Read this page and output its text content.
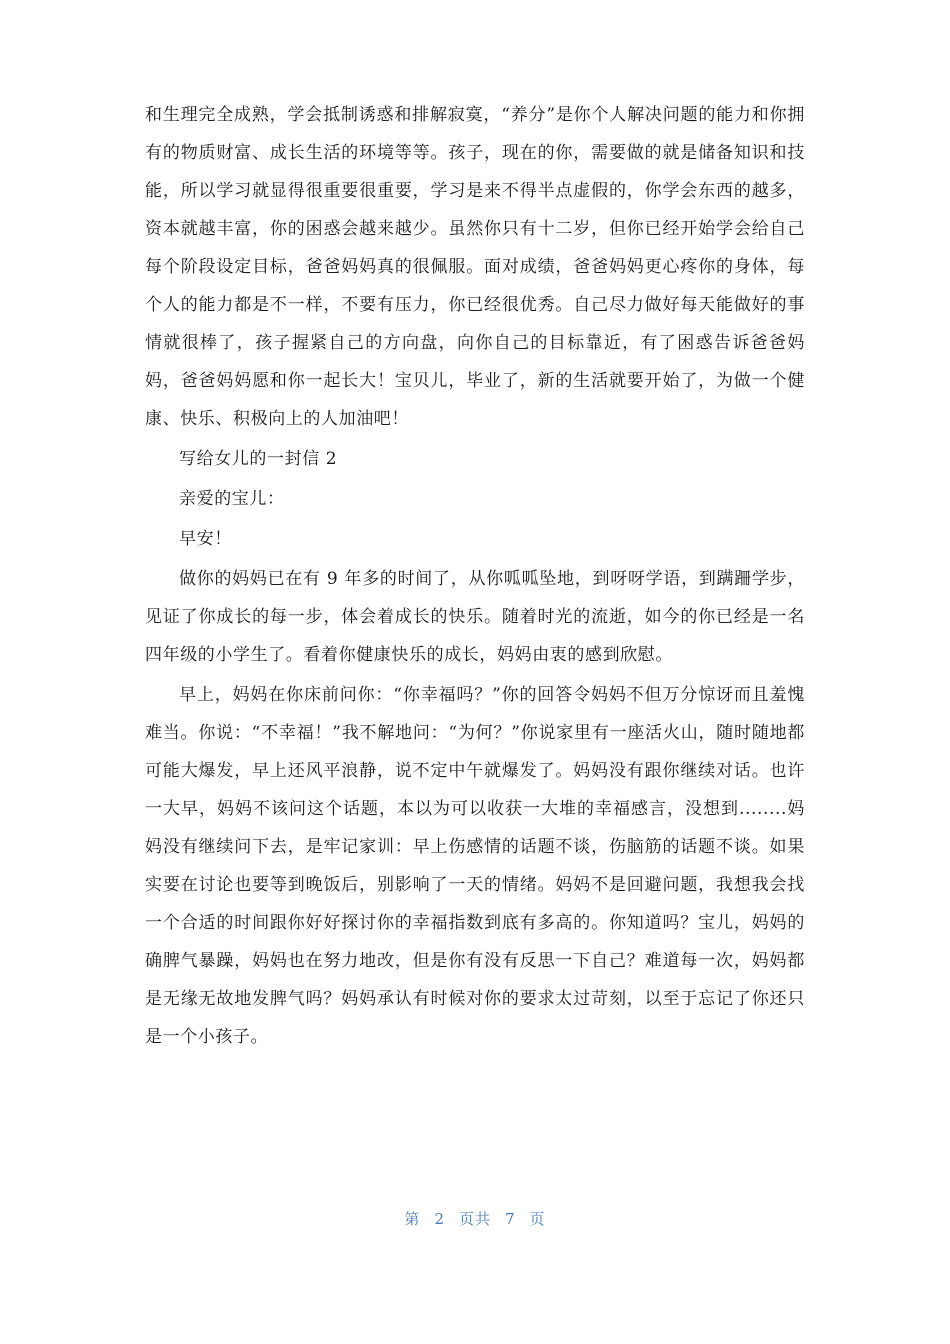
和生理完全成熟，学会抵制诱惑和排解寂寞，“养分”是你个人解决问题的能力和你拥有的物质财富、成长生活的环境等等。孩子，现在的你，需要做的就是储备知识和技能，所以学习就显得很重要很重要，学习是来不得半点虚假的，你学会东西的越多，资本就越丰富，你的困惑会越来越少。虽然你只有十二岁，但你已经开始学会给自己每个阶段设定目标，爸爸妈妈真的很佩服。面对成绩，爸爸妈妈更心疼你的身体，每个人的能力都是不一样，不要有压力，你已经很优秀。自己尽力做好每天能做好的事情就很棒了，孩子握紧自己的方向盘，向你自己的目标靠近，有了困惑告诉爸爸妈妈，爸爸妈妈愿和你一起长大！宝贝儿，毕业了，新的生活就要开始了，为做一个健康、快乐、积极向上的人加油吧！

写给女儿的一封信 2

亲爱的宝儿：

早安！

做你的妈妈已在有 9 年多的时间了，从你呱呱坠地，到呀呀学语，到蹒跚学步，见证了你成长的每一步，体会着成长的快乐。随着时光的流逝，如今的你已经是一名四年级的小学生了。看着你健康快乐的成长，妈妈由衷的感到欣慰。

早上，妈妈在你床前问你：“你幸福吗？”你的回答令妈妈不但万分惊讶而且羞愧难当。你说：“不幸福！”我不解地问：“为何？”你说家里有一座活火山，随时随地都可能大爆发，早上还风平浪静，说不定中午就爆发了。妈妈没有跟你继续对话。也许一大早，妈妈不该问这个话题，本以为可以收获一大堆的幸福感言，没想到........妈妈没有继续问下去，是牢记家训：早上伤感情的话题不谈，伤脑筋的话题不谈。如果实要在讨论也要等到晚饭后，别影响了一天的情绪。妈妈不是回避问题，我想我会找一个合适的时间跟你好好探讨你的幸福指数到底有多高的。你知道吗？宝儿，妈妈的确脾气暴躁，妈妈也在努力地改，但是你有没有反思一下自己？难道每一次，妈妈都是无缘无故地发脾气吗？妈妈承认有时候对你的要求太过苛刻，以至于忘记了你还只是一个小孩子。

第 2 页共 7 页
